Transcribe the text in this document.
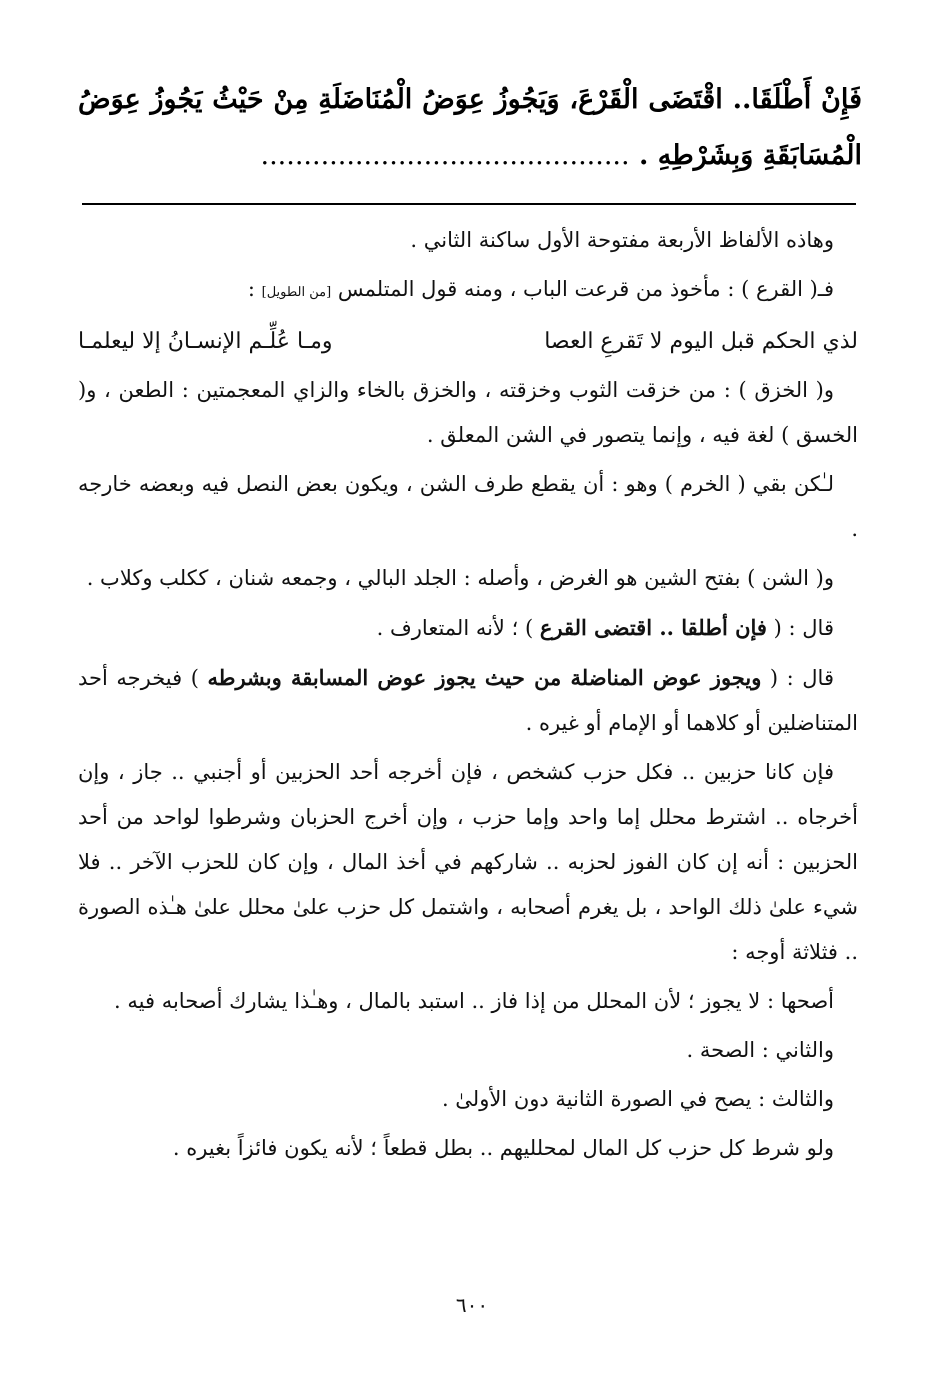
فَإِنْ أَطْلَقَا.. اقْتَضَى الْقَرْعَ، وَيَجُوزُ عِوَضُ الْمُنَاضَلَةِ مِنْ حَيْثُ يَجُوزُ عِوَضُ الْمُسَابَقَةِ وَبِشَرْطِهِ . ...........................................

وهاذه الألفاظ الأربعة مفتوحة الأول ساكنة الثاني .

فـ( القرع ) : مأخوذ من قرعت الباب ، ومنه قول المتلمس [من الطويل] :

لذي الحكم قبل اليوم لا تَقرعِ العصا
ومـا عُلِّـم الإنسـانُ إلا ليعلمـا

و( الخزق ) : من خزقت الثوب وخزقته ، والخزق بالخاء والزاي المعجمتين : الطعن ، و( الخسق ) لغة فيه ، وإنما يتصور في الشن المعلق .

لـٰكن بقي ( الخرم ) وهو : أن يقطع طرف الشن ، ويكون بعض النصل فيه وبعضه خارجه .

و( الشن ) بفتح الشين هو الغرض ، وأصله : الجلد البالي ، وجمعه شنان ، ككلب وكلاب .

قال : ( فإن أطلقا .. اقتضى القرع ) ؛ لأنه المتعارف .

قال : ( ويجوز عوض المناضلة من حيث يجوز عوض المسابقة وبشرطه ) فيخرجه أحد المتناضلين أو كلاهما أو الإمام أو غيره .

فإن كانا حزبين .. فكل حزب كشخص ، فإن أخرجه أحد الحزبين أو أجنبي .. جاز ، وإن أخرجاه .. اشترط محلل إما واحد وإما حزب ، وإن أخرج الحزبان وشرطوا لواحد من أحد الحزبين : أنه إن كان الفوز لحزبه .. شاركهم في أخذ المال ، وإن كان للحزب الآخر .. فلا شيء علىٰ ذلك الواحد ، بل يغرم أصحابه ، واشتمل كل حزب علىٰ محلل علىٰ هـٰذه الصورة .. فثلاثة أوجه :

أصحها : لا يجوز ؛ لأن المحلل من إذا فاز .. استبد بالمال ، وهـٰذا يشارك أصحابه فيه .

والثاني : الصحة .

والثالث : يصح في الصورة الثانية دون الأولىٰ .

ولو شرط كل حزب كل المال لمحلليهم .. بطل قطعاً ؛ لأنه يكون فائزاً بغيره .

٦٠٠
